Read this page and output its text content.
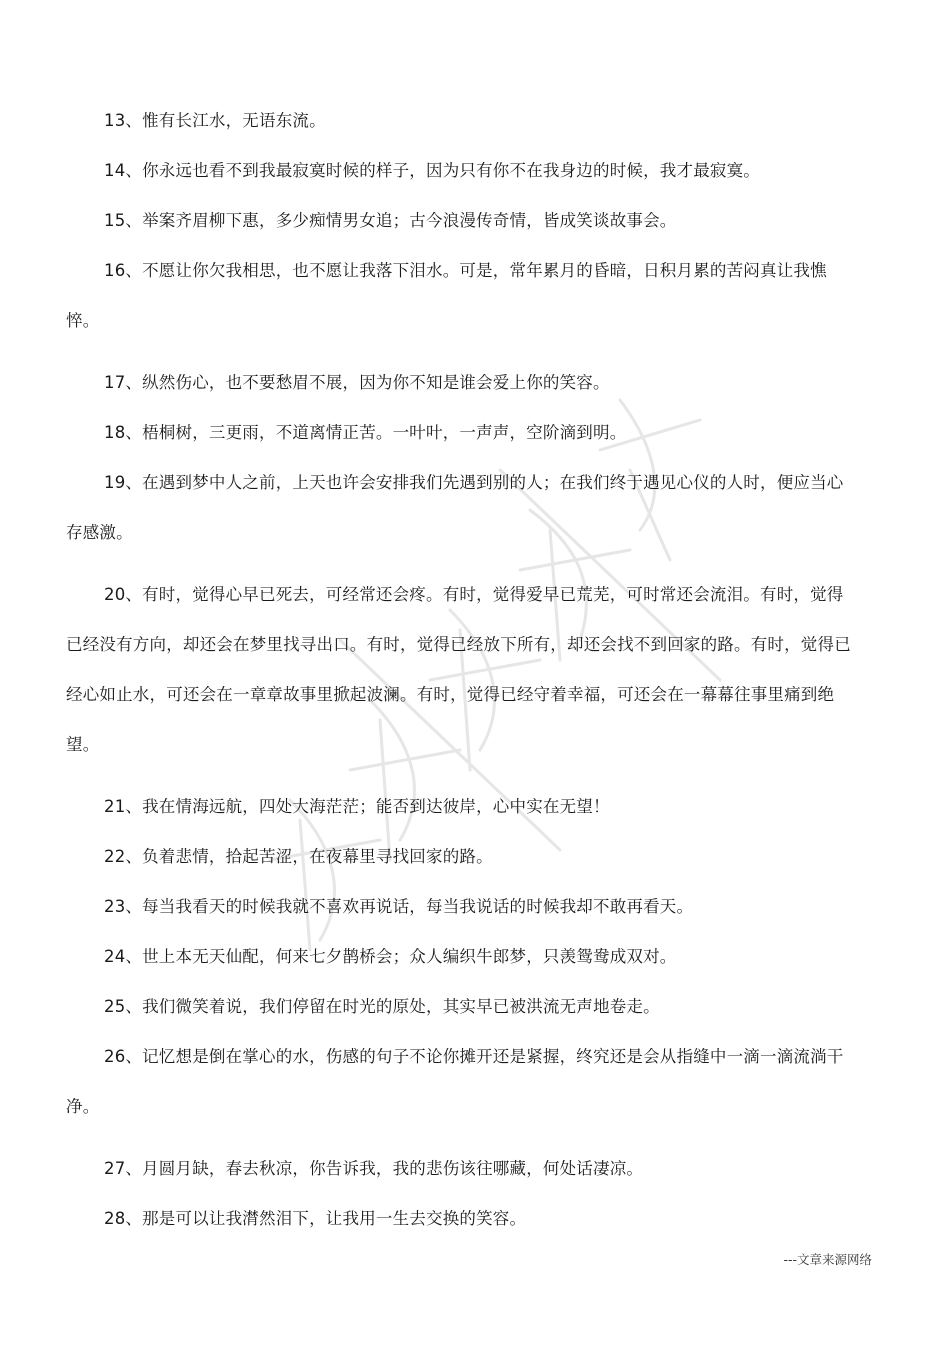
13、惟有长江水，无语东流。

14、你永远也看不到我最寂寞时候的样子，因为只有你不在我身边的时候，我才最寂寞。

15、举案齐眉柳下惠，多少痴情男女追；古今浪漫传奇情，皆成笑谈故事会。

16、不愿让你欠我相思，也不愿让我落下泪水。可是，常年累月的昏暗，日积月累的苦闷真让我憔悴。

17、纵然伤心，也不要愁眉不展，因为你不知是谁会爱上你的笑容。

18、梧桐树，三更雨，不道离情正苦。一叶叶，一声声，空阶滴到明。

19、在遇到梦中人之前，上天也许会安排我们先遇到别的人；在我们终于遇见心仪的人时，便应当心存感激。

20、有时，觉得心早已死去，可经常还会疼。有时，觉得爱早已荒芜，可时常还会流泪。有时，觉得已经没有方向，却还会在梦里找寻出口。有时，觉得已经放下所有，却还会找不到回家的路。有时，觉得已经心如止水，可还会在一章章故事里掀起波澜。有时，觉得已经守着幸福，可还会在一幕幕往事里痛到绝望。

21、我在情海远航，四处大海茫茫；能否到达彼岸，心中实在无望！

22、负着悲情，拾起苦涩，在夜幕里寻找回家的路。

23、每当我看天的时候我就不喜欢再说话，每当我说话的时候我却不敢再看天。

24、世上本无天仙配，何来七夕鹊桥会；众人编织牛郎梦，只羡鸳鸯成双对。

25、我们微笑着说，我们停留在时光的原处，其实早已被洪流无声地卷走。

26、记忆想是倒在掌心的水，伤感的句子不论你摊开还是紧握，终究还是会从指缝中一滴一滴流淌干净。

27、月圆月缺，春去秋凉，你告诉我，我的悲伤该往哪藏，何处话凄凉。

28、那是可以让我潸然泪下，让我用一生去交换的笑容。

---文章来源网络
